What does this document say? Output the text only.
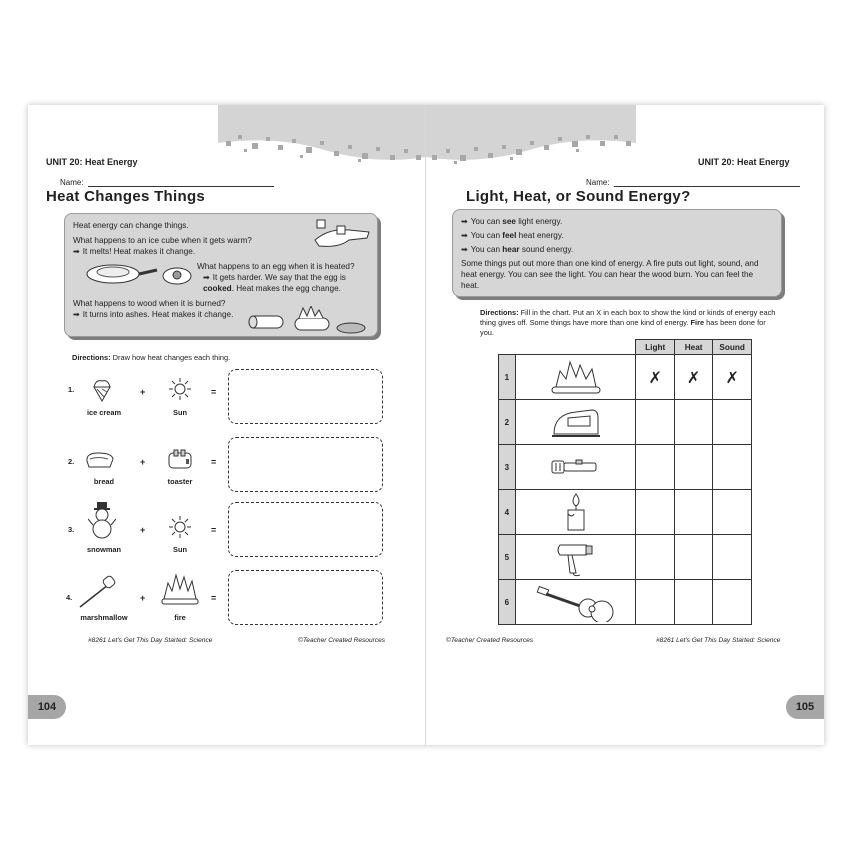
UNIT 20: Heat Energy
Name:
Heat Changes Things

Heat energy can change things.

What happens to an ice cube when it gets warm?

➡ It melts! Heat makes it change.

What happens to an egg when it is heated?

➡ It gets harder. We say that the egg is

cooked. Heat makes the egg change.

What happens to wood when it is burned?

➡ It turns into ashes. Heat makes it change.

Directions: Draw how heat changes each thing.
1.
ice cream
+
Sun
=
2.
bread
+
toaster
=
3.
snowman
+
Sun
=
4.
marshmallow
+
fire
=
104
#8261 Let's Get This Day Started: Science	©Teacher Created Resources
UNIT 20: Heat Energy
Name:
Light, Heat, or Sound Energy?

➡ You can see light energy.

➡ You can feel heat energy.

➡ You can hear sound energy.

Some things put out more than one kind of energy. A fire puts out light, sound, and heat energy. You can see the light. You can hear the wood burn. You can feel the heat.

Directions: Fill in the chart. Put an X in each box to show the kind or kinds of energy each thing gives off. Some things have more than one kind of energy. Fire has been done for you.
		Light	Heat	Sound
1		✗	✗	✗
2	

3	

4	

5	

6	

©Teacher Created Resources	#8261 Let's Get This Day Started: Science
105
